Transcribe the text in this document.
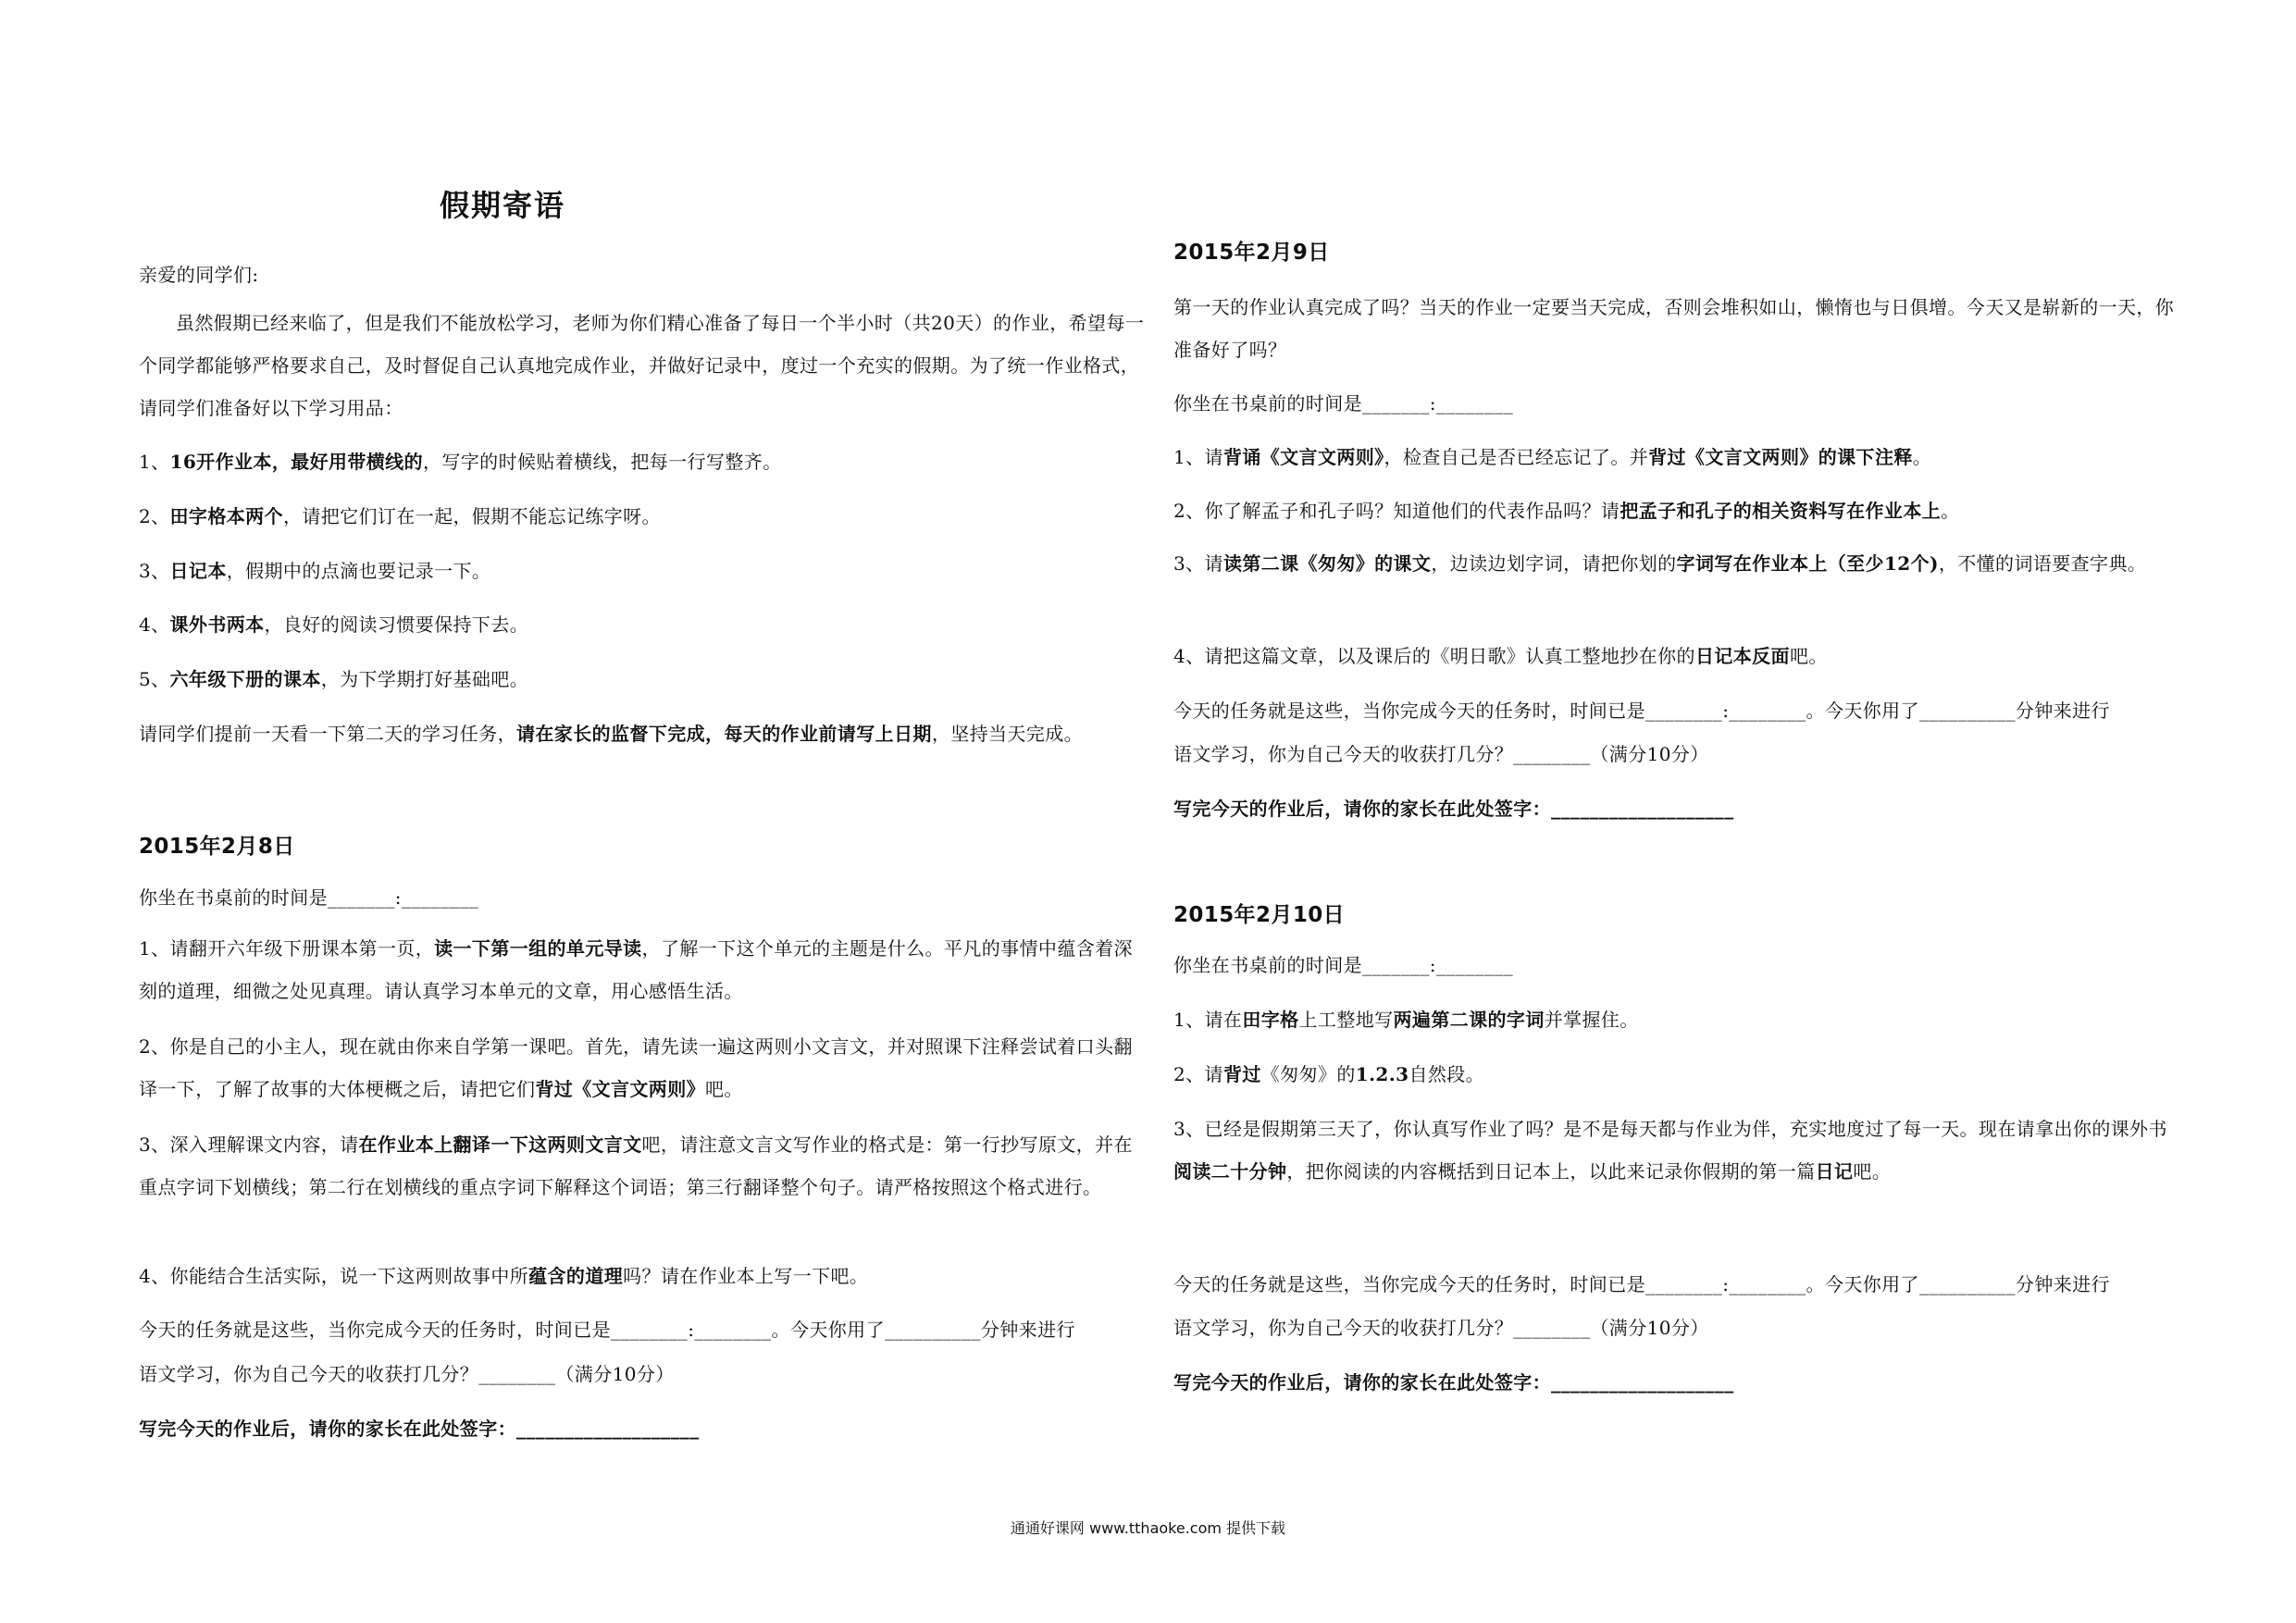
假期寄语
亲爱的同学们:
虽然假期已经来临了，但是我们不能放松学习，老师为你们精心准备了每日一个半小时（共20天）的作业，希望每一个同学都能够严格要求自己，及时督促自己认真地完成作业，并做好记录中，度过一个充实的假期。为了统一作业格式，请同学们准备好以下学习用品：
1、16开作业本，最好用带横线的，写字的时候贴着横线，把每一行写整齐。
2、田字格本两个，请把它们订在一起，假期不能忘记练字呀。
3、日记本，假期中的点滴也要记录一下。
4、课外书两本，良好的阅读习惯要保持下去。
5、六年级下册的课本，为下学期打好基础吧。
请同学们提前一天看一下第二天的学习任务，请在家长的监督下完成，每天的作业前请写上日期，坚持当天完成。
2015年2月8日
你坐在书桌前的时间是_______:________
1、请翻开六年级下册课本第一页，读一下第一组的单元导读，了解一下这个单元的主题是什么。平凡的事情中蕴含着深刻的道理，细微之处见真理。请认真学习本单元的文章，用心感悟生活。
2、你是自己的小主人，现在就由你来自学第一课吧。首先，请先读一遍这两则小文言文，并对照课下注释尝试着口头翻译一下，了解了故事的大体梗概之后，请把它们背过《文言文两则》吧。
3、深入理解课文内容，请在作业本上翻译一下这两则文言文吧，请注意文言文写作业的格式是：第一行抄写原文，并在重点字词下划横线；第二行在划横线的重点字词下解释这个词语；第三行翻译整个句子。请严格按照这个格式进行。
4、你能结合生活实际，说一下这两则故事中所蕴含的道理吗？请在作业本上写一下吧。
今天的任务就是这些，当你完成今天的任务时，时间已是________:________。今天你用了__________分钟来进行
语文学习，你为自己今天的收获打几分？________（满分10分）
写完今天的作业后，请你的家长在此处签字：___________________
2015年2月9日
第一天的作业认真完成了吗？当天的作业一定要当天完成，否则会堆积如山，懒惰也与日俱增。今天又是崭新的一天，你准备好了吗？
你坐在书桌前的时间是_______:________
1、请背诵《文言文两则》，检查自己是否已经忘记了。并背过《文言文两则》的课下注释。
2、你了解孟子和孔子吗？知道他们的代表作品吗？请把孟子和孔子的相关资料写在作业本上。
3、请读第二课《匆匆》的课文，边读边划字词，请把你划的字词写在作业本上（至少12个)，不懂的词语要查字典。
4、请把这篇文章，以及课后的《明日歌》认真工整地抄在你的日记本反面吧。
今天的任务就是这些，当你完成今天的任务时，时间已是________:________。今天你用了__________分钟来进行
语文学习，你为自己今天的收获打几分？________（满分10分）
写完今天的作业后，请你的家长在此处签字：___________________
2015年2月10日
你坐在书桌前的时间是_______:________
1、请在田字格上工整地写两遍第二课的字词并掌握住。
2、请背过《匆匆》的1.2.3自然段。
3、已经是假期第三天了，你认真写作业了吗？是不是每天都与作业为伴，充实地度过了每一天。现在请拿出你的课外书阅读二十分钟，把你阅读的内容概括到日记本上，以此来记录你假期的第一篇日记吧。
今天的任务就是这些，当你完成今天的任务时，时间已是________:________。今天你用了__________分钟来进行
语文学习，你为自己今天的收获打几分？________（满分10分）
写完今天的作业后，请你的家长在此处签字：___________________
通通好课网 www.tthaoke.com 提供下载
